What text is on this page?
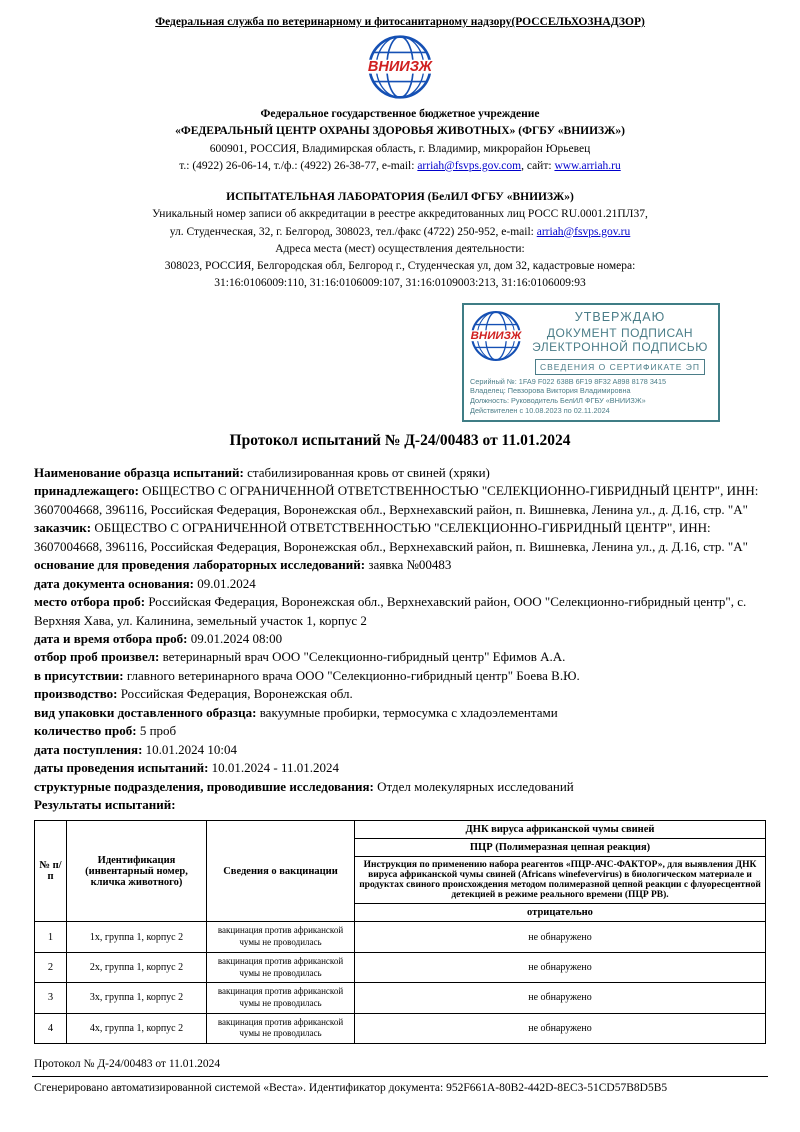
Федеральная служба по ветеринарному и фитосанитарному надзору(РОССЕЛЬХОЗНАДЗОР)
ВНИИЗЖ
Федеральное государственное бюджетное учреждение
«ФЕДЕРАЛЬНЫЙ ЦЕНТР ОХРАНЫ ЗДОРОВЬЯ ЖИВОТНЫХ» (ФГБУ «ВНИИЗЖ»)
600901, РОССИЯ, Владимирская область, г. Владимир, микрорайон Юрьевец
т.: (4922) 26-06-14, т./ф.: (4922) 26-38-77, e-mail: arriah@fsvps.gov.com, сайт: www.arriah.ru
ИСПЫТАТЕЛЬНАЯ ЛАБОРАТОРИЯ (БелИЛ ФГБУ «ВНИИЗЖ»)
Уникальный номер записи об аккредитации в реестре аккредитованных лиц РОСС RU.0001.21ПЛ37,
ул. Студенческая, 32, г. Белгород, 308023, тел./факс (4722) 250-952, e-mail: arriah@fsvps.gov.ru
Адреса места (мест) осуществления деятельности:
308023, РОССИЯ, Белгородская обл, Белгород г., Студенческая ул, дом 32, кадастровые номера:
31:16:0106009:110, 31:16:0106009:107, 31:16:0109003:213, 31:16:0106009:93
ВНИИЗЖ
УТВЕРЖДАЮ
ДОКУМЕНТ ПОДПИСАН
ЭЛЕКТРОННОЙ ПОДПИСЬЮ
СВЕДЕНИЯ О СЕРТИФИКАТЕ ЭП
Серийный №: 1FA9 F022 638B 6F19 8F32 A898 8178 3415
Владелец: Певзорова Виктория Владимировна
Должность: Руководитель БелИЛ ФГБУ «ВНИИЗЖ»
Действителен с 10.08.2023 по 02.11.2024
Протокол испытаний № Д-24/00483 от 11.01.2024

Наименование образца испытаний: стабилизированная кровь от свиней (хряки)

принадлежащего: ОБЩЕСТВО С ОГРАНИЧЕННОЙ ОТВЕТСТВЕННОСТЬЮ "СЕЛЕКЦИОННО-ГИБРИДНЫЙ ЦЕНТР", ИНН: 3607004668, 396116, Российская Федерация, Воронежская обл., Верхнехавский район, п. Вишневка, Ленина ул., д. Д.16, стр. "А"

заказчик: ОБЩЕСТВО С ОГРАНИЧЕННОЙ ОТВЕТСТВЕННОСТЬЮ "СЕЛЕКЦИОННО-ГИБРИДНЫЙ ЦЕНТР", ИНН: 3607004668, 396116, Российская Федерация, Воронежская обл., Верхнехавский район, п. Вишневка, Ленина ул., д. Д.16, стр. "А"

основание для проведения лабораторных исследований: заявка №00483

дата документа основания: 09.01.2024

место отбора проб: Российская Федерация, Воронежская обл., Верхнехавский район, ООО "Селекционно-гибридный центр", с. Верхняя Хава, ул. Калинина, земельный участок 1, корпус 2

дата и время отбора проб: 09.01.2024 08:00

отбор проб произвел: ветеринарный врач ООО "Селекционно-гибридный центр" Ефимов А.А.

в присутствии: главного ветеринарного врача ООО "Селекционно-гибридный центр" Боева В.Ю.

производство: Российская Федерация, Воронежская обл.

вид упаковки доставленного образца: вакуумные пробирки, термосумка с хладоэлементами

количество проб: 5 проб

дата поступления: 10.01.2024 10:04

даты проведения испытаний: 10.01.2024 - 11.01.2024

структурные подразделения, проводившие исследования: Отдел молекулярных исследований

Результаты испытаний:

№ п/п	Идентификация (инвентарный номер, кличка животного)	Сведения о вакцинации	ДНК вируса африканской чумы свиней
			ПЦР (Полимеразная цепная реакция)
			Инструкция по применению набора реагентов «ПЦР-АЧС-ФАКТОР», для выявления ДНК вируса африканской чумы свиней (Africans winefevervirus) в биологическом материале и продуктах свиного происхождения методом полимеразной цепной реакции с флуоресцентной детекцией в режиме реального времени (ПЦР РВ).
			отрицательно
1	1х, группа 1, корпус 2	вакцинация против африканской чумы не проводилась	не обнаружено
2	2х, группа 1, корпус 2	вакцинация против африканской чумы не проводилась	не обнаружено
3	3х, группа 1, корпус 2	вакцинация против африканской чумы не проводилась	не обнаружено
4	4х, группа 1, корпус 2	вакцинация против африканской чумы не проводилась	не обнаружено
Протокол № Д-24/00483 от 11.01.2024
Сгенерировано автоматизированной системой «Веста». Идентификатор документа: 952F661A-80B2-442D-8EC3-51CD57B8D5B5
